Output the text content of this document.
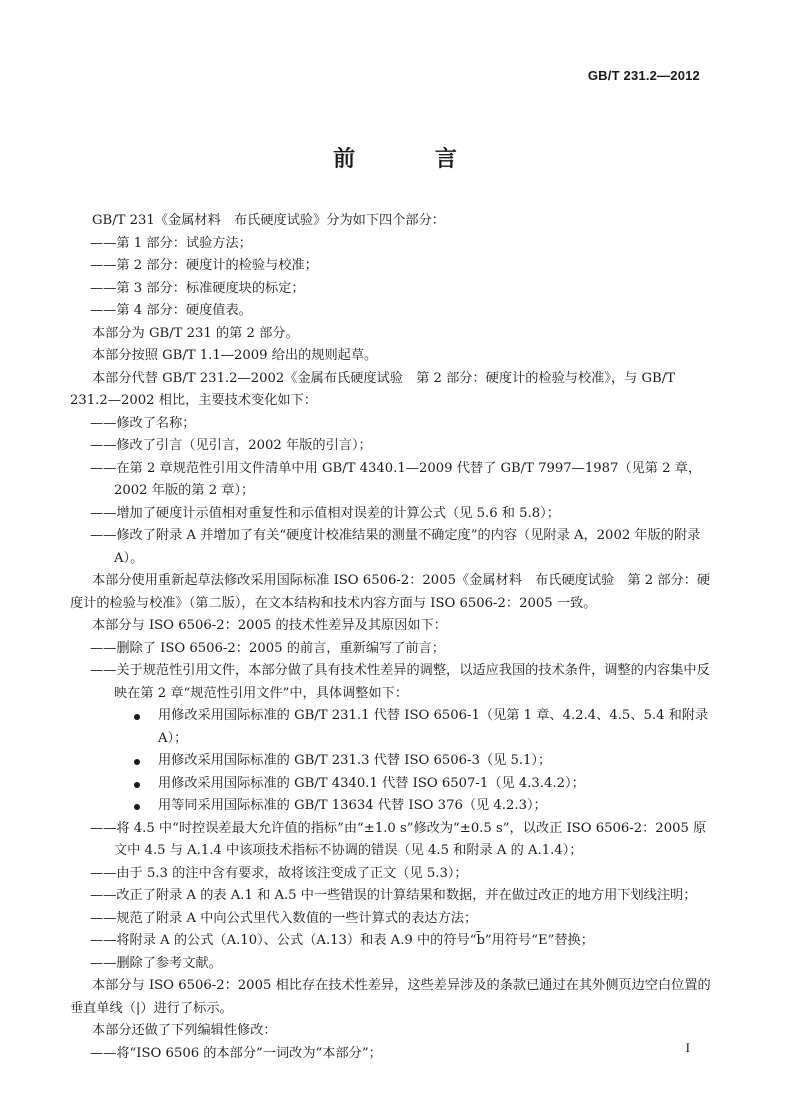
GB/T 231.2—2012
前 言
GB/T 231《金属材料　布氏硬度试验》分为如下四个部分：
——第 1 部分：试验方法；
——第 2 部分：硬度计的检验与校准；
——第 3 部分：标准硬度块的标定；
——第 4 部分：硬度值表。
本部分为 GB/T 231 的第 2 部分。
本部分按照 GB/T 1.1—2009 给出的规则起草。
本部分代替 GB/T 231.2—2002《金属布氏硬度试验　第 2 部分：硬度计的检验与校准》，与 GB/T 231.2—2002 相比，主要技术变化如下：
——修改了名称；
——修改了引言（见引言，2002 年版的引言）；
——在第 2 章规范性引用文件清单中用 GB/T 4340.1—2009 代替了 GB/T 7997—1987（见第 2 章，2002 年版的第 2 章）；
——增加了硬度计示值相对重复性和示值相对误差的计算公式（见 5.6 和 5.8）；
——修改了附录 A 并增加了有关“硬度计校准结果的测量不确定度”的内容（见附录 A，2002 年版的附录 A）。
本部分使用重新起草法修改采用国际标准 ISO 6506-2：2005《金属材料　布氏硬度试验　第 2 部分：硬度计的检验与校准》（第二版），在文本结构和技术内容方面与 ISO 6506-2：2005 一致。
本部分与 ISO 6506-2：2005 的技术性差异及其原因如下：
——删除了 ISO 6506-2：2005 的前言，重新编写了前言；
——关于规范性引用文件，本部分做了具有技术性差异的调整，以适应我国的技术条件，调整的内容集中反映在第 2 章“规范性引用文件”中，具体调整如下：
用修改采用国际标准的 GB/T 231.1 代替 ISO 6506-1（见第 1 章、4.2.4、4.5、5.4 和附录 A）；
用修改采用国际标准的 GB/T 231.3 代替 ISO 6506-3（见 5.1）；
用修改采用国际标准的 GB/T 4340.1 代替 ISO 6507-1（见 4.3.4.2）；
用等同采用国际标准的 GB/T 13634 代替 ISO 376（见 4.2.3）；
——将 4.5 中“时控误差最大允许值的指标”由“±1.0 s”修改为“±0.5 s”，以改正 ISO 6506-2：2005 原文中 4.5 与 A.1.4 中该项技术指标不协调的错误（见 4.5 和附录 A 的 A.1.4）；
——由于 5.3 的注中含有要求，故将该注变成了正文（见 5.3）；
——改正了附录 A 的表 A.1 和 A.5 中一些错误的计算结果和数据，并在做过改正的地方用下划线注明；
——规范了附录 A 中向公式里代入数值的一些计算式的表达方法；
——将附录 A 的公式（A.10）、公式（A.13）和表 A.9 中的符号“b̄”用符号“E”替换；
——删除了参考文献。
本部分与 ISO 6506-2：2005 相比存在技术性差异，这些差异涉及的条款已通过在其外侧页边空白位置的垂直单线（|）进行了标示。
本部分还做了下列编辑性修改：
——将“ISO 6506 的本部分”一词改为“本部分”；	I
